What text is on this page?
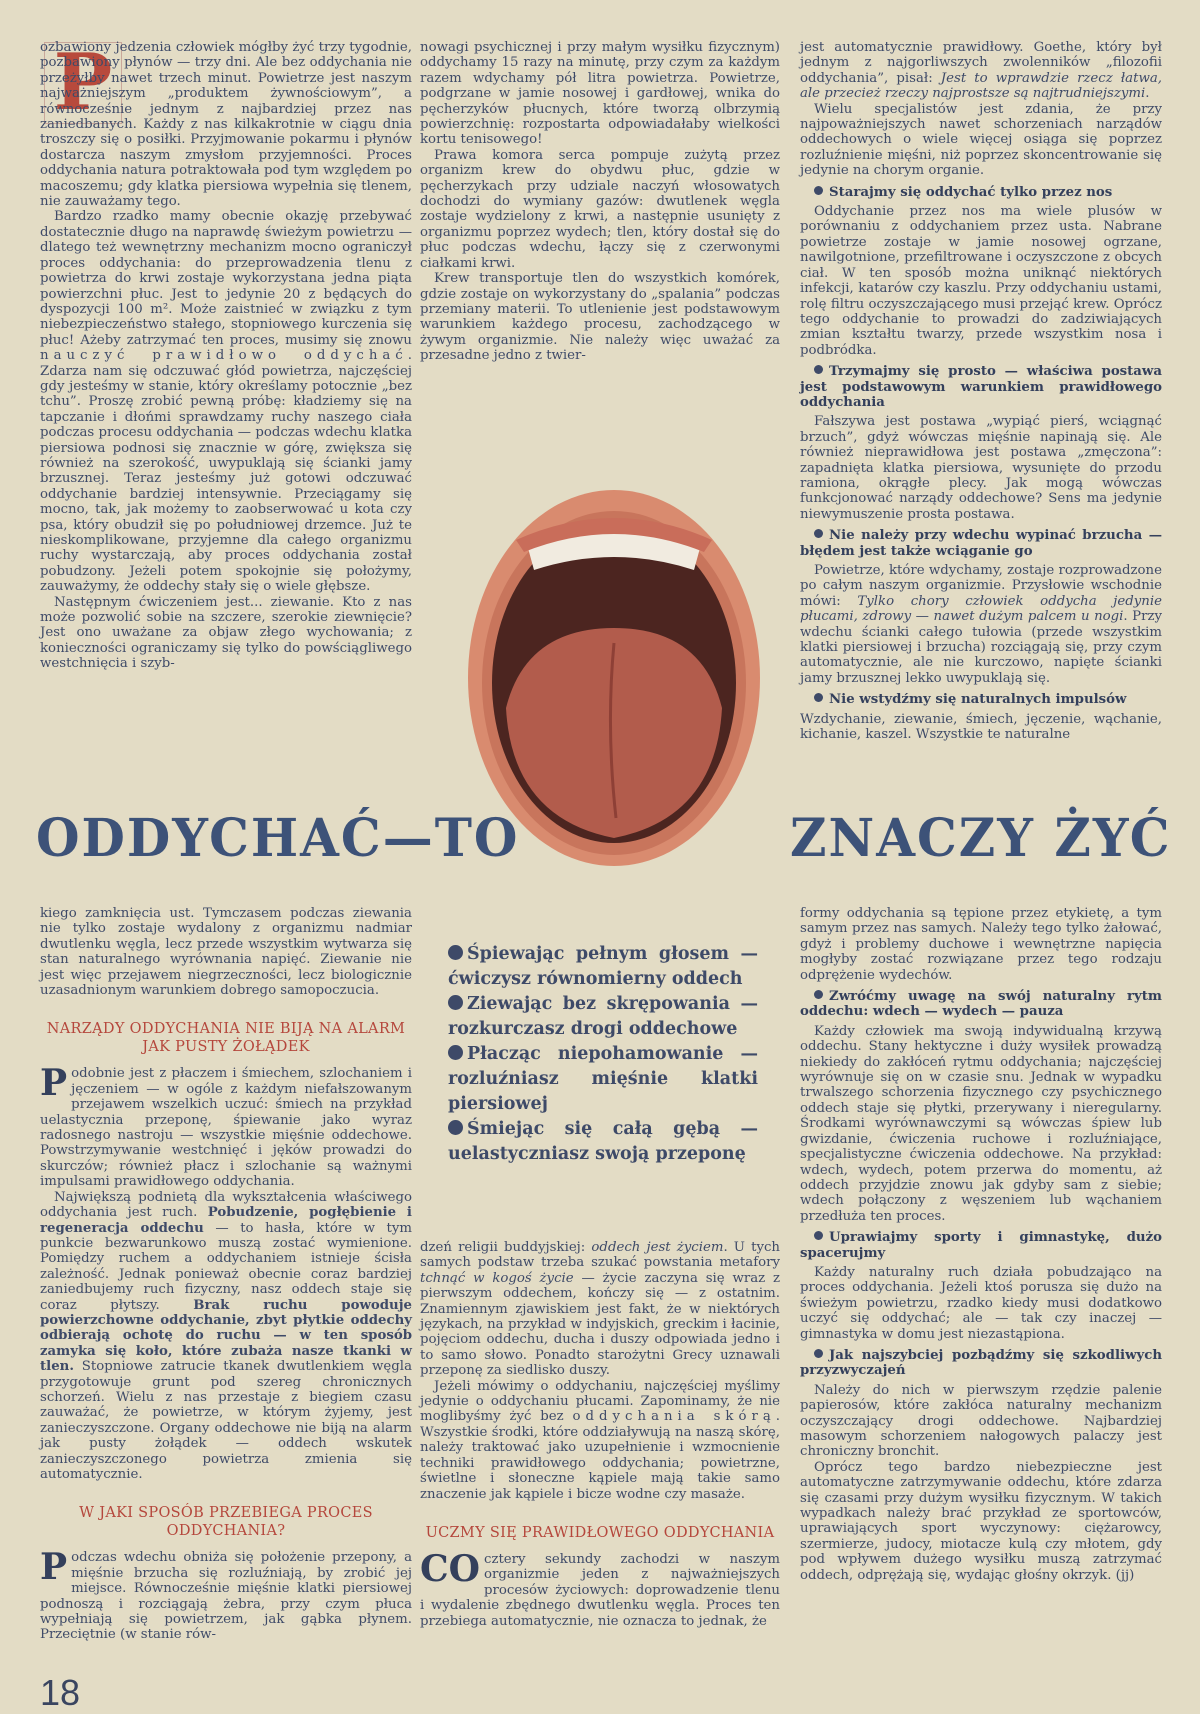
P

ozbawiony jedzenia człowiek mógłby żyć trzy tygodnie, pozbawiony płynów — trzy dni. Ale bez oddychania nie przeżyłby nawet trzech minut. Powietrze jest naszym najważniejszym „produktem żywnościowym”, a równocześnie jednym z najbardziej przez nas zaniedbanych. Każdy z nas kilkakrotnie w ciągu dnia troszczy się o posiłki. Przyjmowanie pokarmu i płynów dostarcza naszym zmysłom przyjemności. Proces oddychania natura potraktowała pod tym względem po macoszemu; gdy klatka piersiowa wypełnia się tlenem, nie zauważamy tego.

Bardzo rzadko mamy obecnie okazję przebywać dostatecznie długo na naprawdę świeżym powietrzu — dlatego też wewnętrzny mechanizm mocno ograniczył proces oddychania: do przeprowadzenia tlenu z powietrza do krwi zostaje wykorzystana jedna piąta powierzchni płuc. Jest to jedynie 20 z będących do dyspozycji 100 m². Może zaistnieć w związku z tym niebezpieczeństwo stałego, stopniowego kurczenia się płuc! Ażeby zatrzymać ten proces, musimy się znowu nauczyć prawidłowo oddychać. Zdarza nam się odczuwać głód powietrza, najczęściej gdy jesteśmy w stanie, który określamy potocznie „bez tchu”. Proszę zrobić pewną próbę: kładziemy się na tapczanie i dłońmi sprawdzamy ruchy naszego ciała podczas procesu oddychania — podczas wdechu klatka piersiowa podnosi się znacznie w górę, zwiększa się również na szerokość, uwypuklają się ścianki jamy brzusznej. Teraz jesteśmy już gotowi odczuwać oddychanie bardziej intensywnie. Przeciągamy się mocno, tak, jak możemy to zaobserwować u kota czy psa, który obudził się po południowej drzemce. Już te nieskomplikowane, przyjemne dla całego organizmu ruchy wystarczają, aby proces oddychania został pobudzony. Jeżeli potem spokojnie się położymy, zauważymy, że oddechy stały się o wiele głębsze.

Następnym ćwiczeniem jest... ziewanie. Kto z nas może pozwolić sobie na szczere, szerokie ziewnięcie? Jest ono uważane za objaw złego wychowania; z konieczności ograniczamy się tylko do powściągliwego westchnięcia i szyb-

nowagi psychicznej i przy małym wysiłku fizycznym) oddychamy 15 razy na minutę, przy czym za każdym razem wdychamy pół litra powietrza. Powietrze, podgrzane w jamie nosowej i gardłowej, wnika do pęcherzyków płucnych, które tworzą olbrzymią powierzchnię: rozpostarta odpowiadałaby wielkości kortu tenisowego!

Prawa komora serca pompuje zużytą przez organizm krew do obydwu płuc, gdzie w pęcherzykach przy udziale naczyń włosowatych dochodzi do wymiany gazów: dwutlenek węgla zostaje wydzielony z krwi, a następnie usunięty z organizmu poprzez wydech; tlen, który dostał się do płuc podczas wdechu, łączy się z czerwonymi ciałkami krwi.

Krew transportuje tlen do wszystkich komórek, gdzie zostaje on wykorzystany do „spalania” podczas przemiany materii. To utlenienie jest podstawowym warunkiem każdego procesu, zachodzącego w żywym organizmie. Nie należy więc uważać za przesadne jedno z twier-

jest automatycznie prawidłowy. Goethe, który był jednym z najgorliwszych zwolenników „filozofii oddychania”, pisał: Jest to wprawdzie rzecz łatwa, ale przecież rzeczy najprostsze są najtrudniejszymi.

Wielu specjalistów jest zdania, że przy najpoważniejszych nawet schorzeniach narządów oddechowych o wiele więcej osiąga się poprzez rozluźnienie mięśni, niż poprzez skoncentrowanie się jedynie na chorym organie.

Starajmy się oddychać tylko przez nos

Oddychanie przez nos ma wiele plusów w porównaniu z oddychaniem przez usta. Nabrane powietrze zostaje w jamie nosowej ogrzane, nawilgotnione, przefiltrowane i oczyszczone z obcych ciał. W ten sposób można uniknąć niektórych infekcji, katarów czy kaszlu. Przy oddychaniu ustami, rolę filtru oczyszczającego musi przejąć krew. Oprócz tego oddychanie to prowadzi do zadziwiających zmian kształtu twarzy, przede wszystkim nosa i podbródka.

Trzymajmy się prosto — właściwa postawa jest podstawowym warunkiem prawidłowego oddychania

Fałszywa jest postawa „wypiąć pierś, wciągnąć brzuch”, gdyż wówczas mięśnie napinają się. Ale również nieprawidłowa jest postawa „zmęczona”: zapadnięta klatka piersiowa, wysunięte do przodu ramiona, okrągłe plecy. Jak mogą wówczas funkcjonować narządy oddechowe? Sens ma jedynie niewymuszenie prosta postawa.

Nie należy przy wdechu wypinać brzucha — błędem jest także wciąganie go

Powietrze, które wdychamy, zostaje rozprowadzone po całym naszym organizmie. Przysłowie wschodnie mówi: Tylko chory człowiek oddycha jedynie płucami, zdrowy — nawet dużym palcem u nogi. Przy wdechu ścianki całego tułowia (przede wszystkim klatki piersiowej i brzucha) rozciągają się, przy czym automatycznie, ale nie kurczowo, napięte ścianki jamy brzusznej lekko uwypuklają się.

Nie wstydźmy się naturalnych impulsów

Wzdychanie, ziewanie, śmiech, jęczenie, wąchanie, kichanie, kaszel. Wszystkie te naturalne

ODDYCHAĆ—TO	ZNACZY ŻYĆ

kiego zamknięcia ust. Tymczasem podczas ziewania nie tylko zostaje wydalony z organizmu nadmiar dwutlenku węgla, lecz przede wszystkim wytwarza się stan naturalnego wyrównania napięć. Ziewanie nie jest więc przejawem niegrzeczności, lecz biologicznie uzasadnionym warunkiem dobrego samopoczucia.

NARZĄDY ODDYCHANIA NIE BIJĄ NA ALARM JAK PUSTY ŻOŁĄDEK

Podobnie jest z płaczem i śmiechem, szlochaniem i jęczeniem — w ogóle z każdym niefałszowanym przejawem wszelkich uczuć: śmiech na przykład uelastycznia przeponę, śpiewanie jako wyraz radosnego nastroju — wszystkie mięśnie oddechowe. Powstrzymywanie westchnięć i jęków prowadzi do skurczów; również płacz i szlochanie są ważnymi impulsami prawidłowego oddychania.

Największą podnietą dla wykształcenia właściwego oddychania jest ruch. Pobudzenie, pogłębienie i regeneracja oddechu — to hasła, które w tym punkcie bezwarunkowo muszą zostać wymienione. Pomiędzy ruchem a oddychaniem istnieje ścisła zależność. Jednak ponieważ obecnie coraz bardziej zaniedbujemy ruch fizyczny, nasz oddech staje się coraz płytszy. Brak ruchu powoduje powierzchowne oddychanie, zbyt płytkie oddechy odbierają ochotę do ruchu — w ten sposób zamyka się koło, które zubaża nasze tkanki w tlen. Stopniowe zatrucie tkanek dwutlenkiem węgla przygotowuje grunt pod szereg chronicznych schorzeń. Wielu z nas przestaje z biegiem czasu zauważać, że powietrze, w którym żyjemy, jest zanieczyszczone. Organy oddechowe nie biją na alarm jak pusty żołądek — oddech wskutek zanieczyszczonego powietrza zmienia się automatycznie.

W JAKI SPOSÓB PRZEBIEGA PROCES ODDYCHANIA?

Podczas wdechu obniża się położenie przepony, a mięśnie brzucha się rozluźniają, by zrobić jej miejsce. Równocześnie mięśnie klatki piersiowej podnoszą i rozciągają żebra, przy czym płuca wypełniają się powietrzem, jak gąbka płynem. Przeciętnie (w stanie rów-

Śpiewając pełnym głosem — ćwiczysz równomierny oddech
Ziewając bez skrępowania — rozkurczasz drogi oddechowe
Płacząc niepohamowanie — rozluźniasz mięśnie klatki piersiowej
Śmiejąc się całą gębą — uelastyczniasz swoją przeponę

dzeń religii buddyjskiej: oddech jest życiem. U tych samych podstaw trzeba szukać powstania metafory tchnąć w kogoś życie — życie zaczyna się wraz z pierwszym oddechem, kończy się — z ostatnim. Znamiennym zjawiskiem jest fakt, że w niektórych językach, na przykład w indyjskich, greckim i łacinie, pojęciom oddechu, ducha i duszy odpowiada jedno i to samo słowo. Ponadto starożytni Grecy uznawali przeponę za siedlisko duszy.

Jeżeli mówimy o oddychaniu, najczęściej myślimy jedynie o oddychaniu płucami. Zapominamy, że nie moglibyśmy żyć bez oddychania skórą. Wszystkie środki, które oddziaływują na naszą skórę, należy traktować jako uzupełnienie i wzmocnienie techniki prawidłowego oddychania; powietrzne, świetlne i słoneczne kąpiele mają takie samo znaczenie jak kąpiele i bicze wodne czy masaże.

UCZMY SIĘ PRAWIDŁOWEGO ODDYCHANIA

CO cztery sekundy zachodzi w naszym organizmie jeden z najważniejszych procesów życiowych: doprowadzenie tlenu i wydalenie zbędnego dwutlenku węgla. Proces ten przebiega automatycznie, nie oznacza to jednak, że

formy oddychania są tępione przez etykietę, a tym samym przez nas samych. Należy tego tylko żałować, gdyż i problemy duchowe i wewnętrzne napięcia mogłyby zostać rozwiązane przez tego rodzaju odprężenie wydechów.

Zwróćmy uwagę na swój naturalny rytm oddechu: wdech — wydech — pauza

Każdy człowiek ma swoją indywidualną krzywą oddechu. Stany hektyczne i duży wysiłek prowadzą niekiedy do zakłóceń rytmu oddychania; najczęściej wyrównuje się on w czasie snu. Jednak w wypadku trwalszego schorzenia fizycznego czy psychicznego oddech staje się płytki, przerywany i nieregularny. Środkami wyrównawczymi są wówczas śpiew lub gwizdanie, ćwiczenia ruchowe i rozluźniające, specjalistyczne ćwiczenia oddechowe. Na przykład: wdech, wydech, potem przerwa do momentu, aż oddech przyjdzie znowu jak gdyby sam z siebie; wdech połączony z węszeniem lub wąchaniem przedłuża ten proces.

Uprawiajmy sporty i gimnastykę, dużo spacerujmy

Każdy naturalny ruch działa pobudzająco na proces oddychania. Jeżeli ktoś porusza się dużo na świeżym powietrzu, rzadko kiedy musi dodatkowo uczyć się oddychać; ale — tak czy inaczej — gimnastyka w domu jest niezastąpiona.

Jak najszybciej pozbądźmy się szkodliwych przyzwyczajeń

Należy do nich w pierwszym rzędzie palenie papierosów, które zakłóca naturalny mechanizm oczyszczający drogi oddechowe. Najbardziej masowym schorzeniem nałogowych palaczy jest chroniczny bronchit.

Oprócz tego bardzo niebezpieczne jest automatyczne zatrzymywanie oddechu, które zdarza się czasami przy dużym wysiłku fizycznym. W takich wypadkach należy brać przykład ze sportowców, uprawiających sport wyczynowy: ciężarowcy, szermierze, judocy, miotacze kulą czy młotem, gdy pod wpływem dużego wysiłku muszą zatrzymać oddech, odprężają się, wydając głośny okrzyk. (jj)

18
